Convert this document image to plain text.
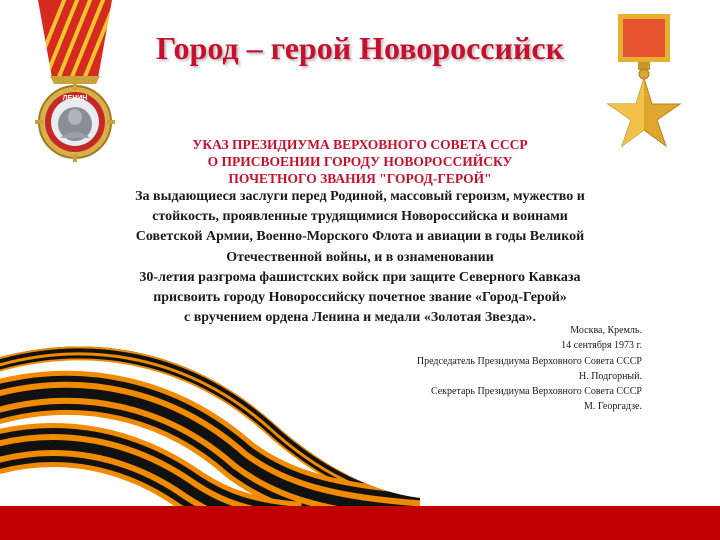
ЛЕНИН
Город – герой Новороссийск
УКАЗ ПРЕЗИДИУМА ВЕРХОВНОГО СОВЕТА СССР
О ПРИСВОЕНИИ ГОРОДУ НОВОРОССИЙСКУ
ПОЧЕТНОГО ЗВАНИЯ "ГОРОД-ГЕРОЙ"
За выдающиеся заслуги перед Родиной, массовый героизм, мужество и
стойкость, проявленные трудящимися Новороссийска и воинами
Советской Армии, Военно-Морского Флота и авиации в годы Великой
Отечественной войны, и в ознаменовании
30-летия разгрома фашистских войск при защите Северного Кавказа
присвоить городу Новороссийску почетное звание «Город-Герой»
с вручением ордена Ленина и медали «Золотая Звезда».
Москва, Кремль.
14 сентября 1973 г.
Председатель Президиума Верховного Совета СССР
Н. Подгорный.
Секретарь Президиума Верховного Совета СССР
М. Георгадзе.
